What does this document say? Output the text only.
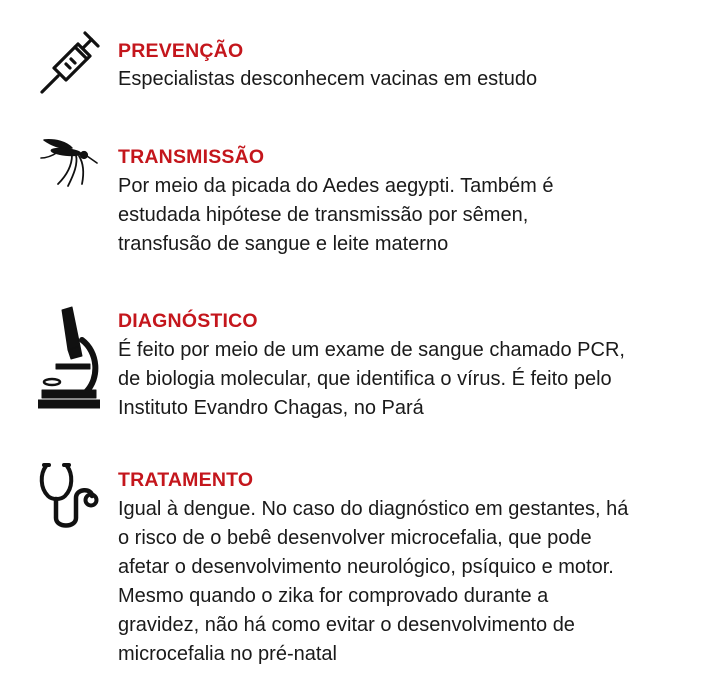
PREVENÇÃO

Especialistas desconhecem vacinas em estudo

TRANSMISSÃO

Por meio da picada do Aedes aegypti. Também é
estudada hipótese de transmissão por sêmen,
transfusão de sangue e leite materno

DIAGNÓSTICO

É feito por meio de um exame de sangue chamado PCR,
de biologia molecular, que identifica o vírus. É feito pelo
Instituto Evandro Chagas, no Pará

TRATAMENTO

Igual à dengue. No caso do diagnóstico em gestantes, há
o risco de o bebê desenvolver microcefalia, que pode
afetar o desenvolvimento neurológico, psíquico e motor.
Mesmo quando o zika for comprovado durante a
gravidez, não há como evitar o desenvolvimento de
microcefalia no pré-natal
